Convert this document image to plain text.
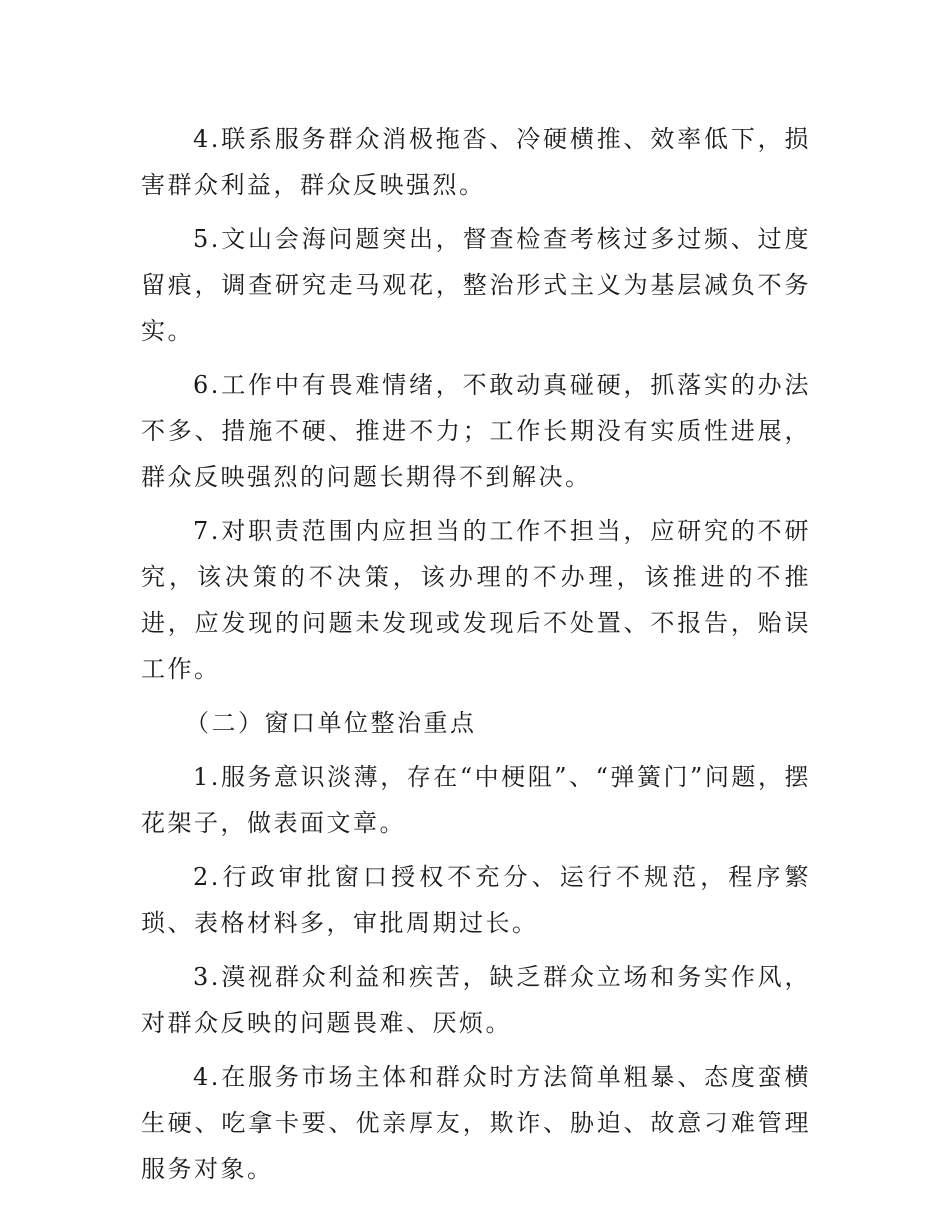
4.联系服务群众消极拖沓、冷硬横推、效率低下，损害群众利益，群众反映强烈。

5.文山会海问题突出，督查检查考核过多过频、过度留痕，调查研究走马观花，整治形式主义为基层减负不务实。

6.工作中有畏难情绪，不敢动真碰硬，抓落实的办法不多、措施不硬、推进不力；工作长期没有实质性进展，群众反映强烈的问题长期得不到解决。

7.对职责范围内应担当的工作不担当，应研究的不研究，该决策的不决策，该办理的不办理，该推进的不推进，应发现的问题未发现或发现后不处置、不报告，贻误工作。

（二）窗口单位整治重点

1.服务意识淡薄，存在“中梗阻”、“弹簧门”问题，摆花架子，做表面文章。

2.行政审批窗口授权不充分、运行不规范，程序繁琐、表格材料多，审批周期过长。

3.漠视群众利益和疾苦，缺乏群众立场和务实作风，对群众反映的问题畏难、厌烦。

4.在服务市场主体和群众时方法简单粗暴、态度蛮横生硬、吃拿卡要、优亲厚友，欺诈、胁迫、故意刁难管理服务对象。
